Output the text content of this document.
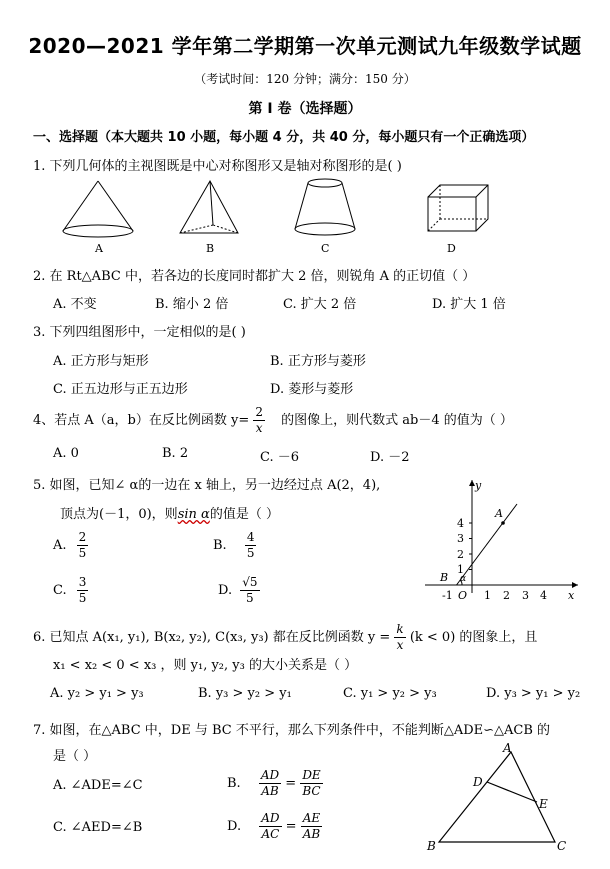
2020—2021 学年第二学期第一次单元测试九年级数学试题
（考试时间：120 分钟；满分：150 分）
第 I 卷（选择题）
一、选择题（本大题共 10 小题，每小题 4 分，共 40 分，每小题只有一个正确选项）
1. 下列几何体的主视图既是中心对称图形又是轴对称图形的是( )
A	B	C	D
2. 在 Rt△ABC 中，若各边的长度同时都扩大 2 倍，则锐角 A 的正切值（ ）
A. 不变	B. 缩小 2 倍	C. 扩大 2 倍	D. 扩大 1 倍
3. 下列四组图形中，一定相似的是( )
A. 正方形与矩形	B. 正方形与菱形
C. 正五边形与正五边形	D. 菱形与菱形
4、若点 A（a，b）在反比例函数 $y= \frac{2}{x}$ 的图像上，则代数式 ab－4 的值为（ ）
A. 0	B. 2	C. －6	D. －2
5. 如图，已知∠ α的一边在 x 轴上，另一边经过点 A(2，4),
顶点为(－1，0)，则sin α的值是（ ）
A. $\frac{2}{5}$	B. $\frac{4}{5}$
C. $\frac{3}{5}$	D. $\frac{√5}{5}$
y
x
4
3
2
1
-1 O 1 2 3 4
A
B α
6. 已知点 A(x₁, y₁), B(x₂, y₂), C(x₃, y₃) 都在反比例函数 $y = \frac{k}{x} (k < 0)$ 的图象上，且
x₁ < x₂ < 0 < x₃ ，则 y₁, y₂, y₃ 的大小关系是（ ）
A. y₂ > y₁ > y₃	B. y₃ > y₂ > y₁	C. y₁ > y₂ > y₃	D. y₃ > y₁ > y₂
7. 如图，在△ABC 中，DE 与 BC 不平行，那么下列条件中，不能判断△ADE∽△ACB 的
是（ ）
A. ∠ADE=∠C	B. $\frac{AD}{AB} = \frac{DE}{BC}$
C. ∠AED=∠B	D. $\frac{AD}{AC} = \frac{AE}{AB}$
A
B	C
D
E
